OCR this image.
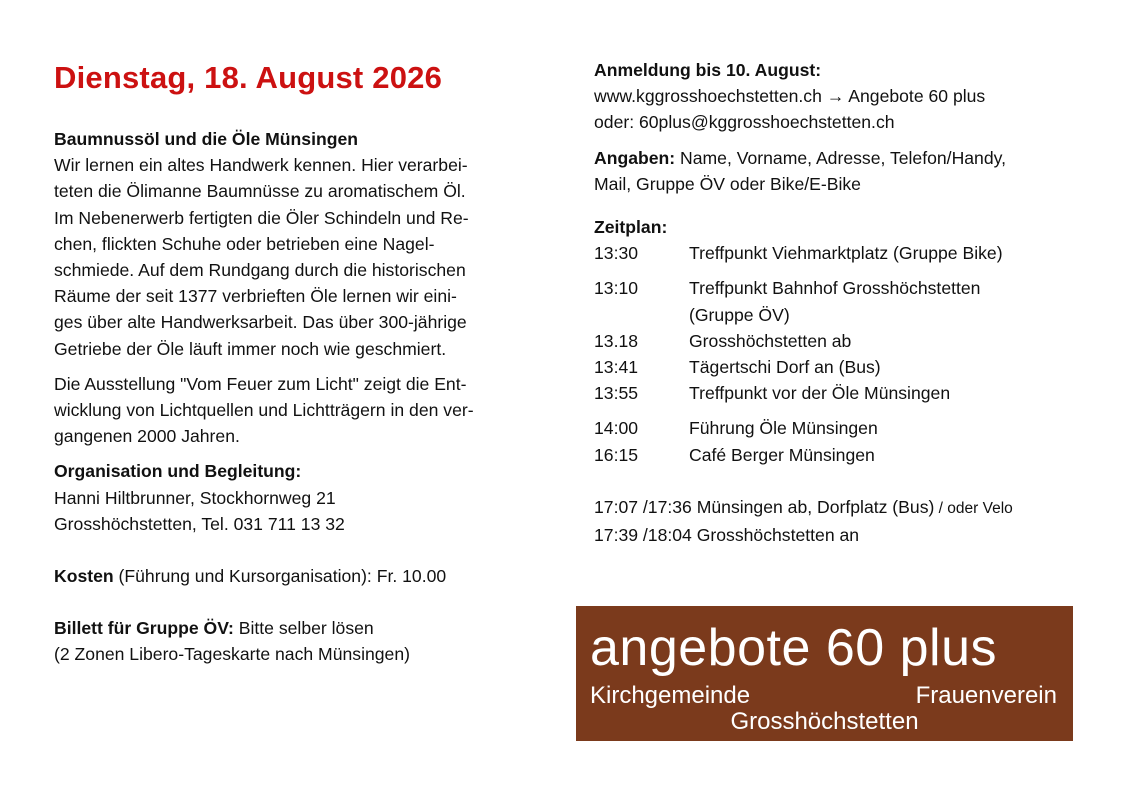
Dienstag, 18. August 2026

Baumnussöl und die Öle Münsingen

Wir lernen ein altes Handwerk kennen. Hier verarbei-
teten die Ölimanne Baumnüsse zu aromatischem Öl.
Im Nebenerwerb fertigten die Öler Schindeln und Re-
chen, flickten Schuhe oder betrieben eine Nagel-
schmiede. Auf dem Rundgang durch die historischen
Räume der seit 1377 verbrieften Öle lernen wir eini-
ges über alte Handwerksarbeit. Das über 300-jährige
Getriebe der Öle läuft immer noch wie geschmiert.

Die Ausstellung "Vom Feuer zum Licht" zeigt die Ent-
wicklung von Lichtquellen und Lichtträgern in den ver-
gangenen 2000 Jahren.

Organisation und Begleitung:
Hanni Hiltbrunner, Stockhornweg 21
Grosshöchstetten, Tel. 031 711 13 32

Kosten (Führung und Kursorganisation): Fr. 10.00

Billett für Gruppe ÖV: Bitte selber lösen
(2 Zonen Libero-Tageskarte nach Münsingen)

Anmeldung bis 10. August:
www.kggrosshoechstetten.ch → Angebote 60 plus
oder: 60plus@kggrosshoechstetten.ch

Angaben: Name, Vorname, Adresse, Telefon/Handy,
Mail, Gruppe ÖV oder Bike/E-Bike

Zeitplan:

13:30	Treffpunkt Viehmarktplatz (Gruppe Bike)
13:10	Treffpunkt Bahnhof Grosshöchstetten
(Gruppe ÖV)
13.18	Grosshöchstetten ab
13:41	Tägertschi Dorf an (Bus)
13:55	Treffpunkt vor der Öle Münsingen
14:00	Führung Öle Münsingen
16:15	Café Berger Münsingen

17:07 /17:36 Münsingen ab, Dorfplatz (Bus) / oder Velo
17:39 /18:04 Grosshöchstetten an

angebote 60 plus
Kirchgemeinde	Frauenverein
Grosshöchstetten
